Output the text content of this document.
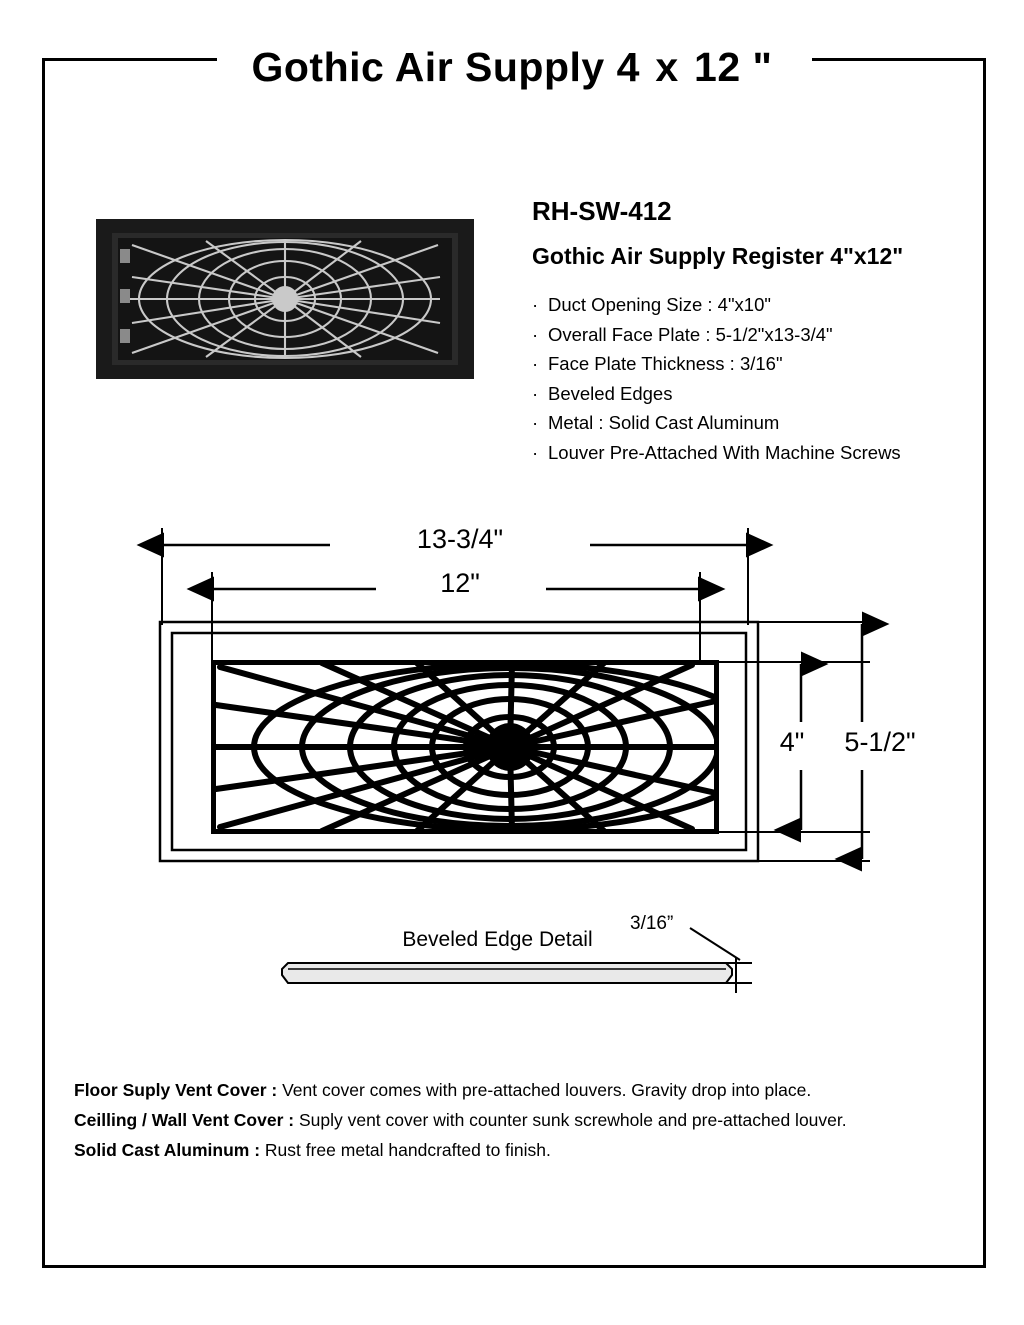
Gothic Air Supply 4 x 12 "
RH-SW-412
Gothic Air Supply Register 4"x12"
· Duct Opening Size : 4"x10"
· Overall Face Plate : 5-1/2"x13-3/4"
· Face Plate Thickness : 3/16"
· Beveled Edges
· Metal : Solid Cast Aluminum
· Louver Pre-Attached With Machine Screws
13-3/4"
12"
4"	5-1/2"
Beveled Edge Detail
3/16”
Floor Suply Vent Cover : Vent cover comes with pre-attached louvers. Gravity drop into place.
Ceilling / Wall Vent Cover : Suply vent cover with counter sunk screwhole and pre-attached louver.
Solid Cast Aluminum : Rust free metal handcrafted to finish.
